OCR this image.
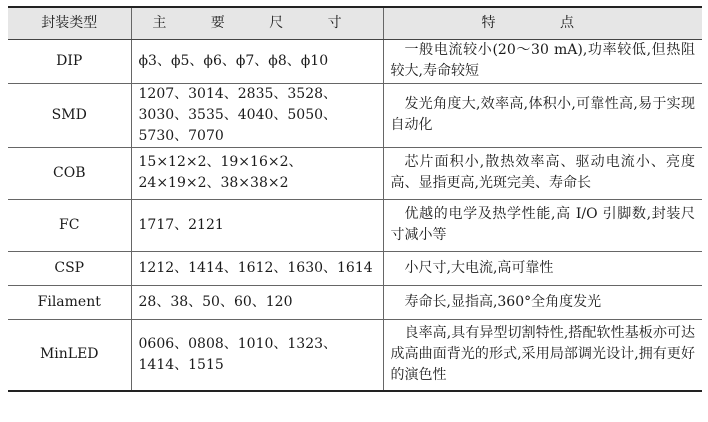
封装类型	主 要 尺 寸	特 点
DIP	ϕ3、ϕ5、ϕ6、ϕ7、ϕ8、ϕ10	一般电流较小(20～30 mA),功率较低,但热阻较大,寿命较短
SMD	1207、3014、2835、3528、3030、3535、4040、5050、5730、7070	发光角度大,效率高,体积小,可靠性高,易于实现自动化
COB	15×12×2、19×16×2、24×19×2、38×38×2	芯片面积小,散热效率高、驱动电流小、亮度高、显指更高,光斑完美、寿命长
FC	1717、2121	优越的电学及热学性能,高 I/O 引脚数,封装尺寸减小等
CSP	1212、1414、1612、1630、1614	小尺寸,大电流,高可靠性
Filament	28、38、50、60、120	寿命长,显指高,360°全角度发光
MinLED	0606、0808、1010、1323、1414、1515	良率高,具有异型切割特性,搭配软性基板亦可达成高曲面背光的形式,采用局部调光设计,拥有更好的演色性
